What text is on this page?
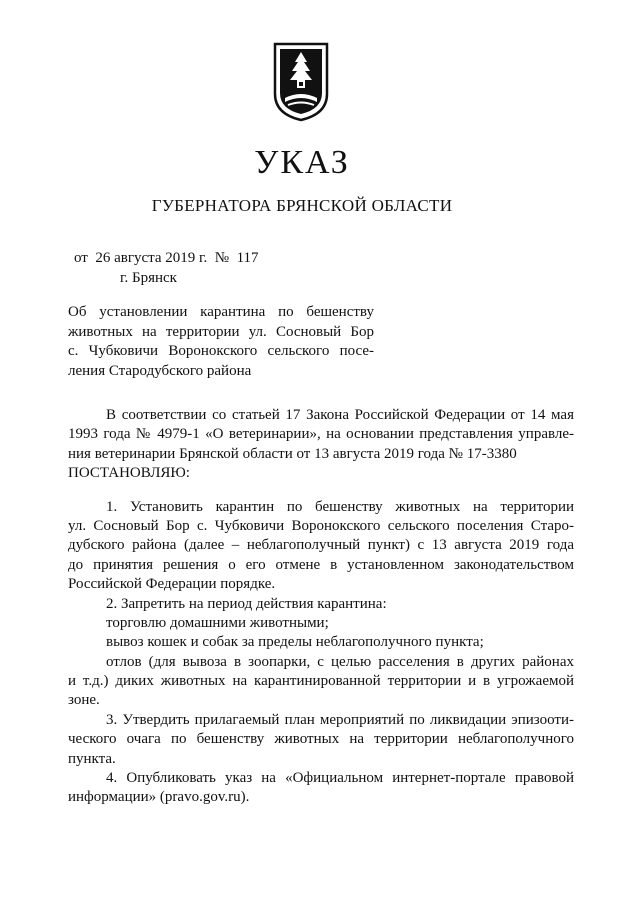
УКАЗ
ГУБЕРНАТОРА БРЯНСКОЙ ОБЛАСТИ
от  26 августа 2019 г.  №  117
г. Брянск
Об установлении карантина по бешенству
животных на территории ул. Сосновый Бор
с. Чубковичи Воронокского сельского посе-
ления Стародубского района
В соответствии со статьей 17 Закона Российской Федерации от 14 мая
1993 года № 4979-1 «О ветеринарии», на основании представления управле-
ния ветеринарии Брянской области от 13 августа 2019 года № 17-3380
ПОСТАНОВЛЯЮ:
1. Установить карантин по бешенству животных на территории
ул. Сосновый Бор с. Чубковичи Воронокского сельского поселения Старо-
дубского района (далее – неблагополучный пункт) с 13 августа 2019 года
до принятия решения о его отмене в установленном законодательством
Российской Федерации порядке.
2. Запретить на период действия карантина:
торговлю домашними животными;
вывоз кошек и собак за пределы неблагополучного пункта;
отлов (для вывоза в зоопарки, с целью расселения в других районах
и т.д.) диких животных на карантинированной территории и в угрожаемой
зоне.
3. Утвердить прилагаемый план мероприятий по ликвидации эпизооти-
ческого очага по бешенству животных на территории неблагополучного
пункта.
4. Опубликовать указ на «Официальном интернет-портале правовой
информации» (pravo.gov.ru).
